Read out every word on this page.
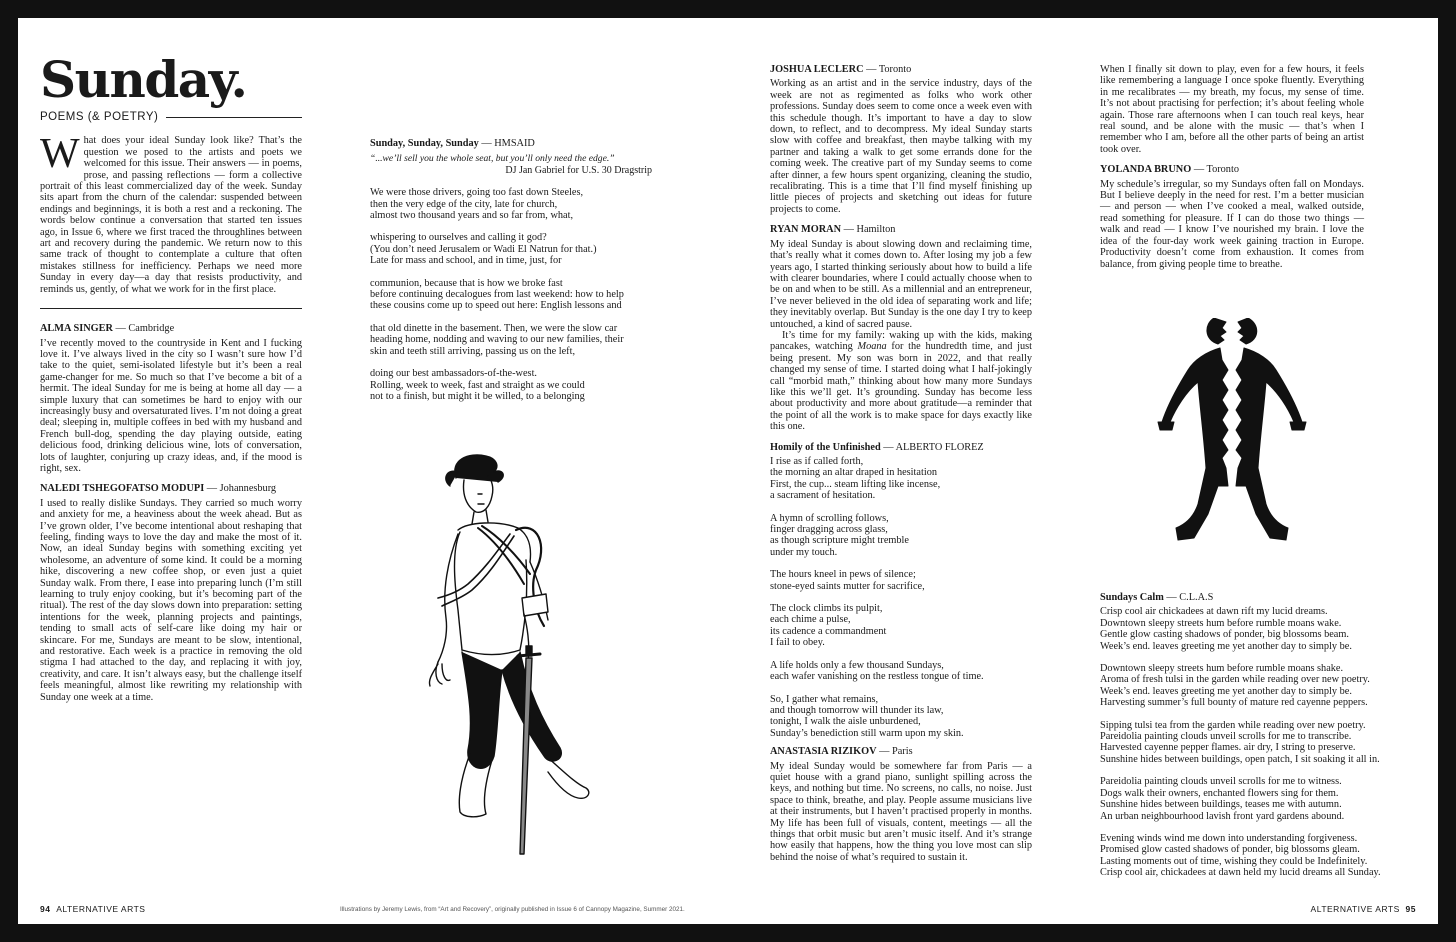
Sunday.
POEMS (& POETRY)
What does your ideal Sunday look like? That’s the question we posed to the artists and poets we welcomed for this issue. Their answers — in poems, prose, and passing reflections — form a collective portrait of this least commercialized day of the week. Sunday sits apart from the churn of the calendar: suspended between endings and beginnings, it is both a rest and a reckoning. The words below continue a conversation that started ten issues ago, in Issue 6, where we first traced the throughlines between art and recovery during the pandemic. We return now to this same track of thought to contemplate a culture that often mistakes stillness for inefficiency. Perhaps we need more Sunday in every day—a day that resists productivity, and reminds us, gently, of what we work for in the first place.
ALMA SINGER — Cambridge

I’ve recently moved to the countryside in Kent and I fucking love it. I’ve always lived in the city so I wasn’t sure how I’d take to the quiet, semi-isolated lifestyle but it’s been a real game-changer for me. So much so that I’ve become a bit of a hermit. The ideal Sunday for me is being at home all day — a simple luxury that can sometimes be hard to enjoy with our increasingly busy and oversaturated lives. I’m not doing a great deal; sleeping in, multiple coffees in bed with my husband and French bull-dog, spending the day playing outside, eating delicious food, drinking delicious wine, lots of conversation, lots of laughter, conjuring up crazy ideas, and, if the mood is right, sex.

NALEDI TSHEGOFATSO MODUPI — Johannesburg

I used to really dislike Sundays. They carried so much worry and anxiety for me, a heaviness about the week ahead. But as I’ve grown older, I’ve become intentional about reshaping that feeling, finding ways to love the day and make the most of it. Now, an ideal Sunday begins with something exciting yet wholesome, an adventure of some kind. It could be a morning hike, discovering a new coffee shop, or even just a quiet Sunday walk. From there, I ease into preparing lunch (I’m still learning to truly enjoy cooking, but it’s becoming part of the ritual). The rest of the day slows down into preparation: setting intentions for the week, planning projects and paintings, tending to small acts of self-care like doing my hair or skincare. For me, Sundays are meant to be slow, intentional, and restorative. Each week is a practice in removing the old stigma I had attached to the day, and replacing it with joy, creativity, and care. It isn’t always easy, but the challenge itself feels meaningful, almost like rewriting my relationship with Sunday one week at a time.

Sunday, Sunday, Sunday — HMSAID
“...we’ll sell you the whole seat, but you’ll only need the edge.”
DJ Jan Gabriel for U.S. 30 Dragstrip
We were those drivers, going too fast down Steeles,
then the very edge of the city, late for church,
almost two thousand years and so far from, what,
whispering to ourselves and calling it god?
(You don’t need Jerusalem or Wadi El Natrun for that.)
Late for mass and school, and in time, just, for
communion, because that is how we broke fast
before continuing decalogues from last weekend: how to help
these cousins come up to speed out here: English lessons and
that old dinette in the basement. Then, we were the slow car
heading home, nodding and waving to our new families, their
skin and teeth still arriving, passing us on the left,
doing our best ambassadors-of-the-west.
Rolling, week to week, fast and straight as we could
not to a finish, but might it be willed, to a belonging
94 ALTERNATIVE ARTS	Illustrations by Jeremy Lewis, from “Art and Recovery”, originally published in Issue 6 of Cannopy Magazine, Summer 2021.
JOSHUA LECLERC — Toronto

Working as an artist and in the service industry, days of the week are not as regimented as folks who work other professions. Sunday does seem to come once a week even with this schedule though. It’s important to have a day to slow down, to reflect, and to decompress. My ideal Sunday starts slow with coffee and breakfast, then maybe talking with my partner and taking a walk to get some errands done for the coming week. The creative part of my Sunday seems to come after dinner, a few hours spent organizing, cleaning the studio, recalibrating. This is a time that I’ll find myself finishing up little pieces of projects and sketching out ideas for future projects to come.

RYAN MORAN — Hamilton

My ideal Sunday is about slowing down and reclaiming time, that’s really what it comes down to. After losing my job a few years ago, I started thinking seriously about how to build a life with clearer boundaries, where I could actually choose when to be on and when to be still. As a millennial and an entrepreneur, I’ve never believed in the old idea of separating work and life; they inevitably overlap. But Sunday is the one day I try to keep untouched, a kind of sacred pause.

It’s time for my family: waking up with the kids, making pancakes, watching Moana for the hundredth time, and just being present. My son was born in 2022, and that really changed my sense of time. I started doing what I half-jokingly call “morbid math,” thinking about how many more Sundays like this we’ll get. It’s grounding. Sunday has become less about productivity and more about gratitude—a reminder that the point of all the work is to make space for days exactly like this one.

Homily of the Unfinished — ALBERTO FLOREZ
I rise as if called forth,
the morning an altar draped in hesitation
First, the cup... steam lifting like incense,
a sacrament of hesitation.
A hymn of scrolling follows,
finger dragging across glass,
as though scripture might tremble
under my touch.
The hours kneel in pews of silence;
stone-eyed saints mutter for sacrifice,
The clock climbs its pulpit,
each chime a pulse,
its cadence a commandment
I fail to obey.
A life holds only a few thousand Sundays,
each wafer vanishing on the restless tongue of time.
So, I gather what remains,
and though tomorrow will thunder its law,
tonight, I walk the aisle unburdened,
Sunday’s benediction still warm upon my skin.
ANASTASIA RIZIKOV — Paris

My ideal Sunday would be somewhere far from Paris — a quiet house with a grand piano, sunlight spilling across the keys, and nothing but time. No screens, no calls, no noise. Just space to think, breathe, and play. People assume musicians live at their instruments, but I haven’t practised properly in months. My life has been full of visuals, content, meetings — all the things that orbit music but aren’t music itself. And it’s strange how easily that happens, how the thing you love most can slip behind the noise of what’s required to sustain it.

When I finally sit down to play, even for a few hours, it feels like remembering a language I once spoke fluently. Everything in me recalibrates — my breath, my focus, my sense of time. It’s not about practising for perfection; it’s about feeling whole again. Those rare afternoons when I can touch real keys, hear real sound, and be alone with the music — that’s when I remember who I am, before all the other parts of being an artist took over.

YOLANDA BRUNO — Toronto

My schedule’s irregular, so my Sundays often fall on Mondays. But I believe deeply in the need for rest. I’m a better musician — and person — when I’ve cooked a meal, walked outside, read something for pleasure. If I can do those two things — walk and read — I know I’ve nourished my brain. I love the idea of the four-day work week gaining traction in Europe. Productivity doesn’t come from exhaustion. It comes from balance, from giving people time to breathe.

Sundays Calm — C.L.A.S
Crisp cool air chickadees at dawn rift my lucid dreams.
Downtown sleepy streets hum before rumble moans wake.
Gentle glow casting shadows of ponder, big blossoms beam.
Week’s end. leaves greeting me yet another day to simply be.
Downtown sleepy streets hum before rumble moans shake.
Aroma of fresh tulsi in the garden while reading over new poetry.
Week’s end. leaves greeting me yet another day to simply be.
Harvesting summer’s full bounty of mature red cayenne peppers.
Sipping tulsi tea from the garden while reading over new poetry.
Pareidolia painting clouds unveil scrolls for me to transcribe.
Harvested cayenne pepper flames. air dry, I string to preserve.
Sunshine hides between buildings, open patch, I sit soaking it all in.
Pareidolia painting clouds unveil scrolls for me to witness.
Dogs walk their owners, enchanted flowers sing for them.
Sunshine hides between buildings, teases me with autumn.
An urban neighbourhood lavish front yard gardens abound.
Evening winds wind me down into understanding forgiveness.
Promised glow casted shadows of ponder, big blossoms gleam.
Lasting moments out of time, wishing they could be Indefinitely.
Crisp cool air, chickadees at dawn held my lucid dreams all Sunday.
ALTERNATIVE ARTS 95
